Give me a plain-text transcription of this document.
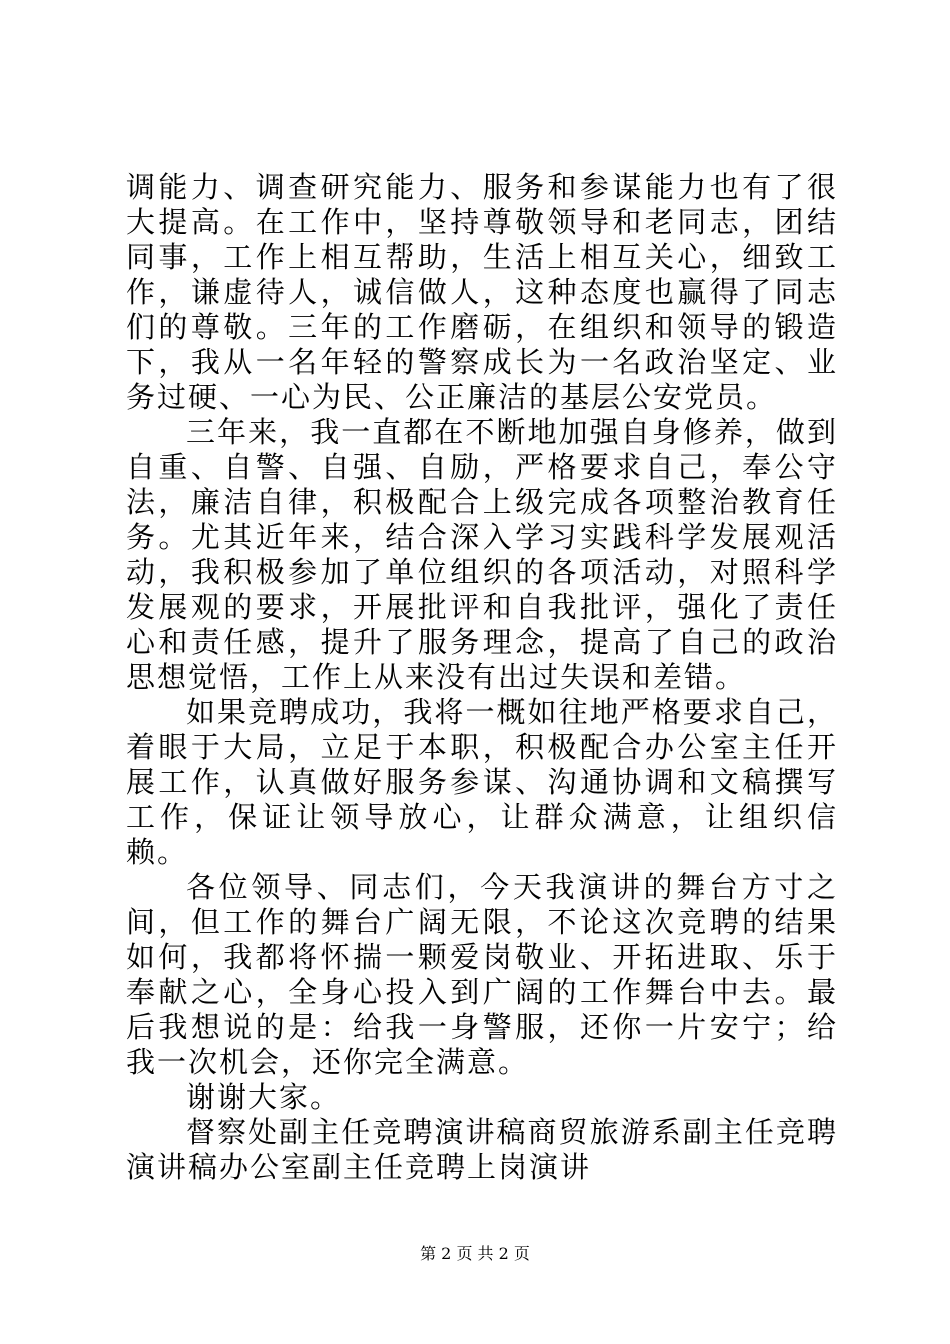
调能力、调查研究能力、服务和参谋能力也有了很大提高。在工作中，坚持尊敬领导和老同志，团结同事，工作上相互帮助，生活上相互关心，细致工作，谦虚待人，诚信做人，这种态度也赢得了同志们的尊敬。三年的工作磨砺，在组织和领导的锻造下，我从一名年轻的警察成长为一名政治坚定、业务过硬、一心为民、公正廉洁的基层公安党员。

三年来，我一直都在不断地加强自身修养，做到自重、自警、自强、自励，严格要求自己，奉公守法，廉洁自律，积极配合上级完成各项整治教育任务。尤其近年来，结合深入学习实践科学发展观活动，我积极参加了单位组织的各项活动，对照科学发展观的要求，开展批评和自我批评，强化了责任心和责任感，提升了服务理念，提高了自己的政治思想觉悟，工作上从来没有出过失误和差错。

如果竞聘成功，我将一概如往地严格要求自己，着眼于大局，立足于本职，积极配合办公室主任开展工作，认真做好服务参谋、沟通协调和文稿撰写工作，保证让领导放心，让群众满意，让组织信赖。

各位领导、同志们，今天我演讲的舞台方寸之间，但工作的舞台广阔无限，不论这次竞聘的结果如何，我都将怀揣一颗爱岗敬业、开拓进取、乐于奉献之心，全身心投入到广阔的工作舞台中去。最后我想说的是：给我一身警服，还你一片安宁；给我一次机会，还你完全满意。

谢谢大家。

督察处副主任竞聘演讲稿商贸旅游系副主任竞聘演讲稿办公室副主任竞聘上岗演讲

第 2 页 共 2 页
